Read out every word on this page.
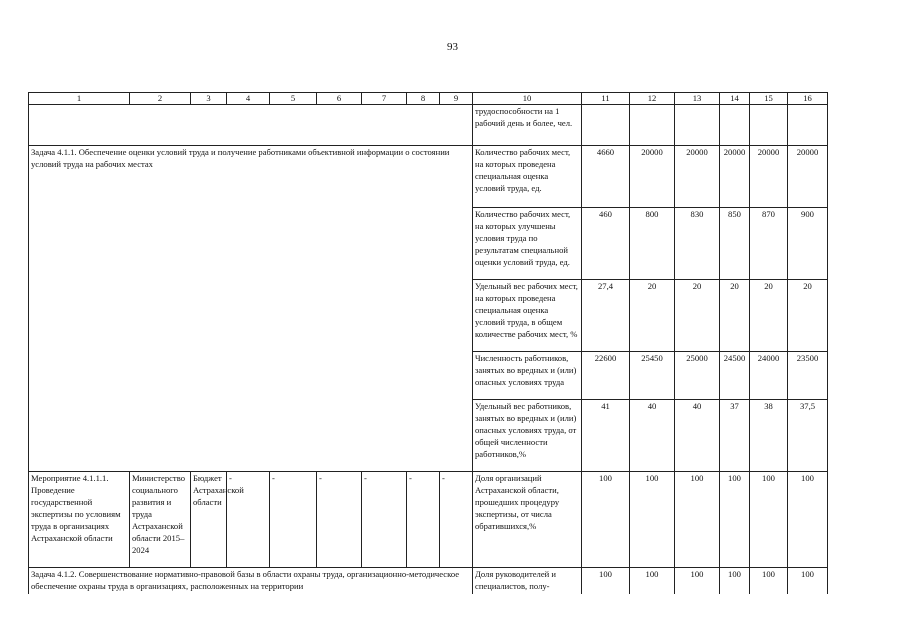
93
1	2	3	4	5	6	7	8	9	10	11	12	13	14	15	16
									трудоспособности на 1 рабочий день и более, чел.						
Задача 4.1.1. Обеспечение оценки условий труда и получение работниками объективной информации о состоянии условий труда на рабочих местах									Количество рабочих мест, на которых проведена специальная оценка условий труда, ед.	4660	20000	20000	20000	20000	20000
									Количество рабочих мест, на которых улучшены условия труда по результатам специальной оценки условий труда, ед.	460	800	830	850	870	900
									Удельный вес рабочих мест, на которых проведена специальная оценка условий труда, в общем количестве рабочих мест, %	27,4	20	20	20	20	20
									Численность работников, занятых во вредных и (или) опасных условиях труда	22600	25450	25000	24500	24000	23500
									Удельный вес работников, занятых во вредных и (или) опасных условиях труда, от общей численности работников,%	41	40	40	37	38	37,5
Мероприятие 4.1.1.1. Проведение государственной экспертизы по условиям труда в организациях Астраханской области	Министерство социального развития и труда Астраханской области 2015–2024	Бюджет Астраханской области	-	-	-	-	-	-	Доля организаций Астраханской области, прошедших процедуру экспертизы, от числа обратившихся,%	100	100	100	100	100	100
Задача 4.1.2. Совершенствование нормативно-правовой базы в области охраны труда, организационно-методическое обеспечение охраны труда в организациях, расположенных на территории									Доля руководителей и специалистов, полу-	100	100	100	100	100	100
